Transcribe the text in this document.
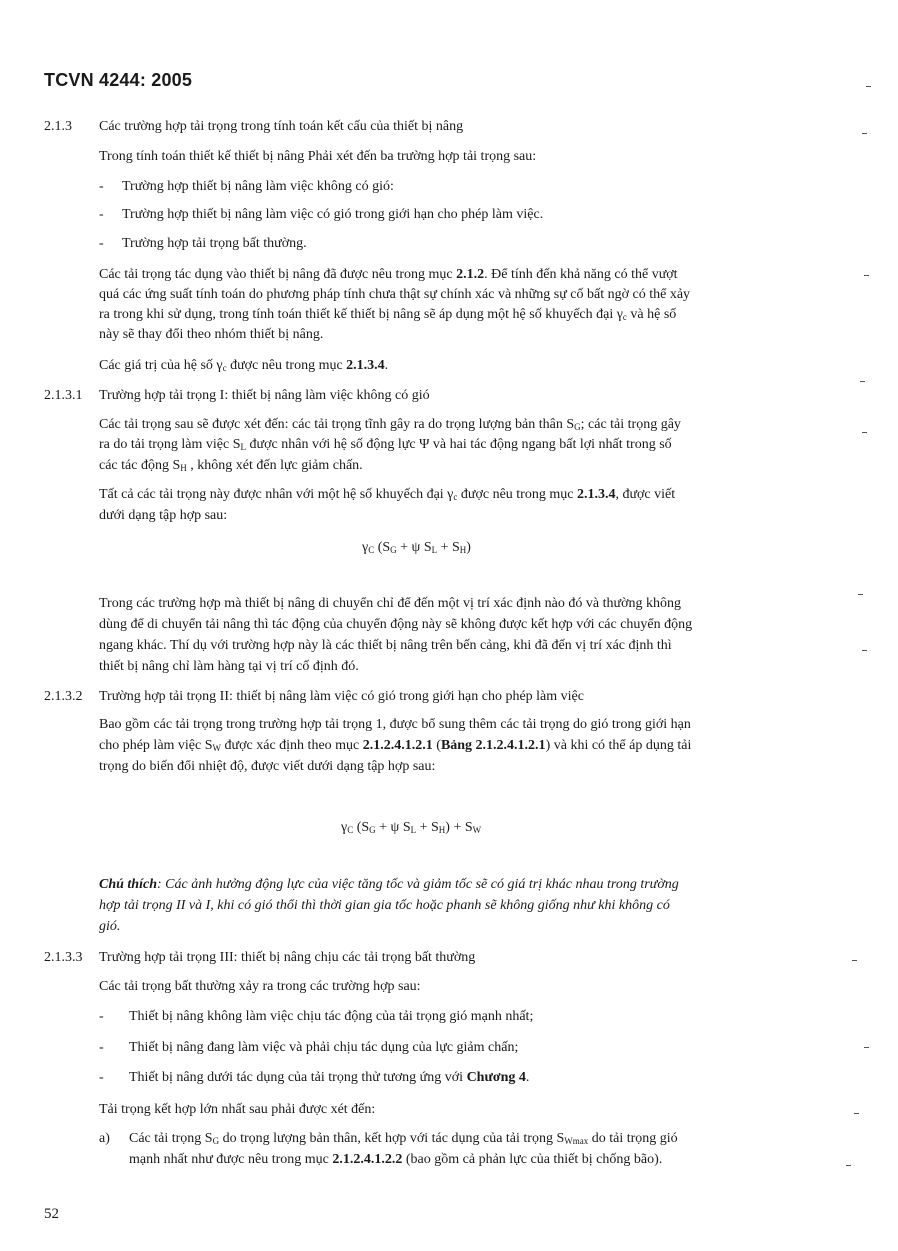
TCVN 4244: 2005
2.1.3 Các trường hợp tải trọng trong tính toán kết cấu của thiết bị nâng
Trong tính toán thiết kế thiết bị nâng Phải xét đến ba trường hợp tải trọng sau:
- Trường hợp thiết bị nâng làm việc không có gió:
- Trường hợp thiết bị nâng làm việc có gió trong giới hạn cho phép làm việc.
- Trường hợp tải trọng bất thường.
Các tải trọng tác dụng vào thiết bị nâng đã được nêu trong mục 2.1.2. Để tính đến khả năng có thể vượt
quá các ứng suất tính toán do phương pháp tính chưa thật sự chính xác và những sự cố bất ngờ có thể xảy
ra trong khi sử dụng, trong tính toán thiết kế thiết bị nâng sẽ áp dụng một hệ số khuyếch đại $\gamma_c$ và hệ số
này sẽ thay đổi theo nhóm thiết bị nâng.
Các giá trị của hệ số $\gamma_c$ được nêu trong mục 2.1.3.4.
2.1.3.1 Trường hợp tải trọng I: thiết bị nâng làm việc không có gió
Các tải trọng sau sẽ được xét đến: các tải trọng tĩnh gây ra do trọng lượng bản thân $S_G$; các tải trọng gây
ra do tải trọng làm việc $S_L$ được nhân với hệ số động lực Ψ và hai tác động ngang bất lợi nhất trong số
các tác động $S_H$ , không xét đến lực giảm chấn.
Tất cả các tải trọng này được nhân với một hệ số khuyếch đại $\gamma_c$ được nêu trong mục 2.1.3.4, được viết
dưới dạng tập hợp sau:
$\gamma_C$ ($S_G + \psi$ $S_L + S_H$)
Trong các trường hợp mà thiết bị nâng di chuyển chỉ để đến một vị trí xác định nào đó và thường không
dùng để di chuyển tải nâng thì tác động của chuyển động này sẽ không được kết hợp với các chuyển động
ngang khác. Thí dụ với trường hợp này là các thiết bị nâng trên bến cảng, khi đã đến vị trí xác định thì
thiết bị nâng chỉ làm hàng tại vị trí cố định đó.
2.1.3.2 Trường hợp tải trọng II: thiết bị nâng làm việc có gió trong giới hạn cho phép làm việc
Bao gồm các tải trọng trong trường hợp tải trọng 1, được bổ sung thêm các tải trọng do gió trong giới hạn
cho phép làm việc $S_W$ được xác định theo mục 2.1.2.4.1.2.1 (Bảng 2.1.2.4.1.2.1) và khi có thể áp dụng tải
trọng do biến đổi nhiệt độ, được viết dưới dạng tập hợp sau:
$\gamma_C$ ($S_G + \psi$ $S_L + S_H) + S_W$
Chú thích: Các ảnh hưởng động lực của việc tăng tốc và giảm tốc sẽ có giá trị khác nhau trong trường
hợp tải trọng II và I, khi có gió thổi thì thời gian gia tốc hoặc phanh sẽ không giống như khi không có
gió.
2.1.3.3 Trường hợp tải trọng III: thiết bị nâng chịu các tải trọng bất thường
Các tải trọng bất thường xảy ra trong các trường hợp sau:
- Thiết bị nâng không làm việc chịu tác động của tải trọng gió mạnh nhất;
- Thiết bị nâng đang làm việc và phải chịu tác dụng của lực giảm chấn;
- Thiết bị nâng dưới tác dụng của tải trọng thử tương ứng với Chương 4.
Tải trọng kết hợp lớn nhất sau phải được xét đến:
a) Các tải trọng $S_G$ do trọng lượng bản thân, kết hợp với tác dụng của tải trọng $S_{Wmax}$ do tải trọng gió
mạnh nhất như được nêu trong mục 2.1.2.4.1.2.2 (bao gồm cả phản lực của thiết bị chống bão).
52
